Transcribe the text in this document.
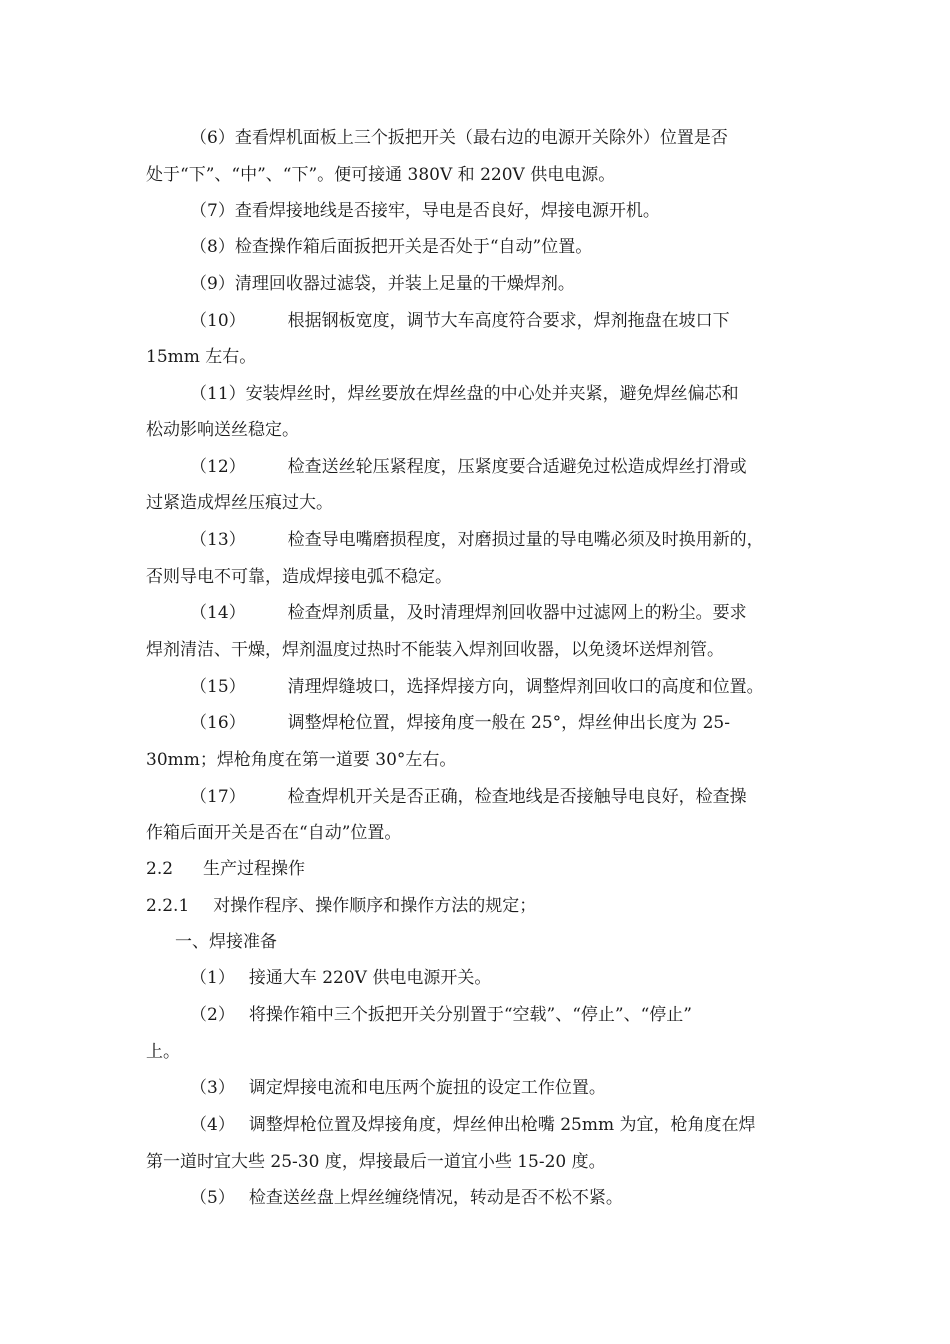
（6）查看焊机面板上三个扳把开关（最右边的电源开关除外）位置是否
处于“下”、“中”、“下”。便可接通 380V 和 220V 供电电源。
（7）查看焊接地线是否接牢，导电是否良好，焊接电源开机。
（8）检查操作箱后面扳把开关是否处于“自动”位置。
（9）清理回收器过滤袋，并装上足量的干燥焊剂。
（10） 根据钢板宽度，调节大车高度符合要求，焊剂拖盘在坡口下
15mm 左右。
（11）安装焊丝时，焊丝要放在焊丝盘的中心处并夹紧，避免焊丝偏芯和
松动影响送丝稳定。
（12） 检查送丝轮压紧程度，压紧度要合适避免过松造成焊丝打滑或
过紧造成焊丝压痕过大。
（13） 检查导电嘴磨损程度，对磨损过量的导电嘴必须及时换用新的，
否则导电不可靠，造成焊接电弧不稳定。
（14） 检查焊剂质量，及时清理焊剂回收器中过滤网上的粉尘。要求
焊剂清洁、干燥，焊剂温度过热时不能装入焊剂回收器，以免烫坏送焊剂管。
（15） 清理焊缝坡口，选择焊接方向，调整焊剂回收口的高度和位置。
（16） 调整焊枪位置，焊接角度一般在 25°，焊丝伸出长度为 25-
30mm；焊枪角度在第一道要 30°左右。
（17） 检查焊机开关是否正确，检查地线是否接触导电良好，检查操
作箱后面开关是否在“自动”位置。
2.2 生产过程操作
2.2.1 对操作程序、操作顺序和操作方法的规定；
一、焊接准备
（1） 接通大车 220V 供电电源开关。
（2） 将操作箱中三个扳把开关分别置于“空载”、“停止”、“停止”
上。
（3） 调定焊接电流和电压两个旋扭的设定工作位置。
（4） 调整焊枪位置及焊接角度，焊丝伸出枪嘴 25mm 为宜，枪角度在焊
第一道时宜大些 25-30 度，焊接最后一道宜小些 15-20 度。
（5） 检查送丝盘上焊丝缠绕情况，转动是否不松不紧。
